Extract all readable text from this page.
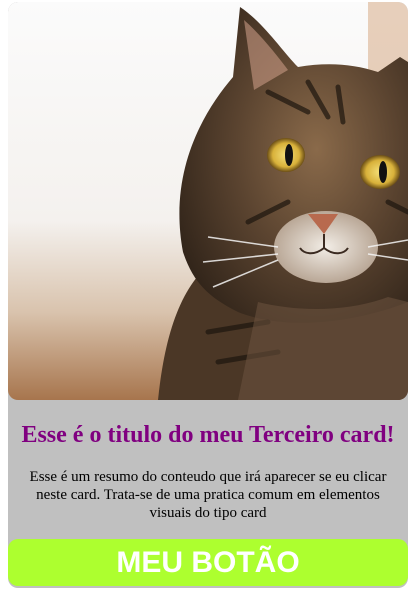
Esse é o titulo do meu Terceiro card!

Esse é um resumo do conteudo que irá aparecer se eu clicar neste card. Trata-se de uma pratica comum em elementos visuais do tipo card

MEU BOTÃO
